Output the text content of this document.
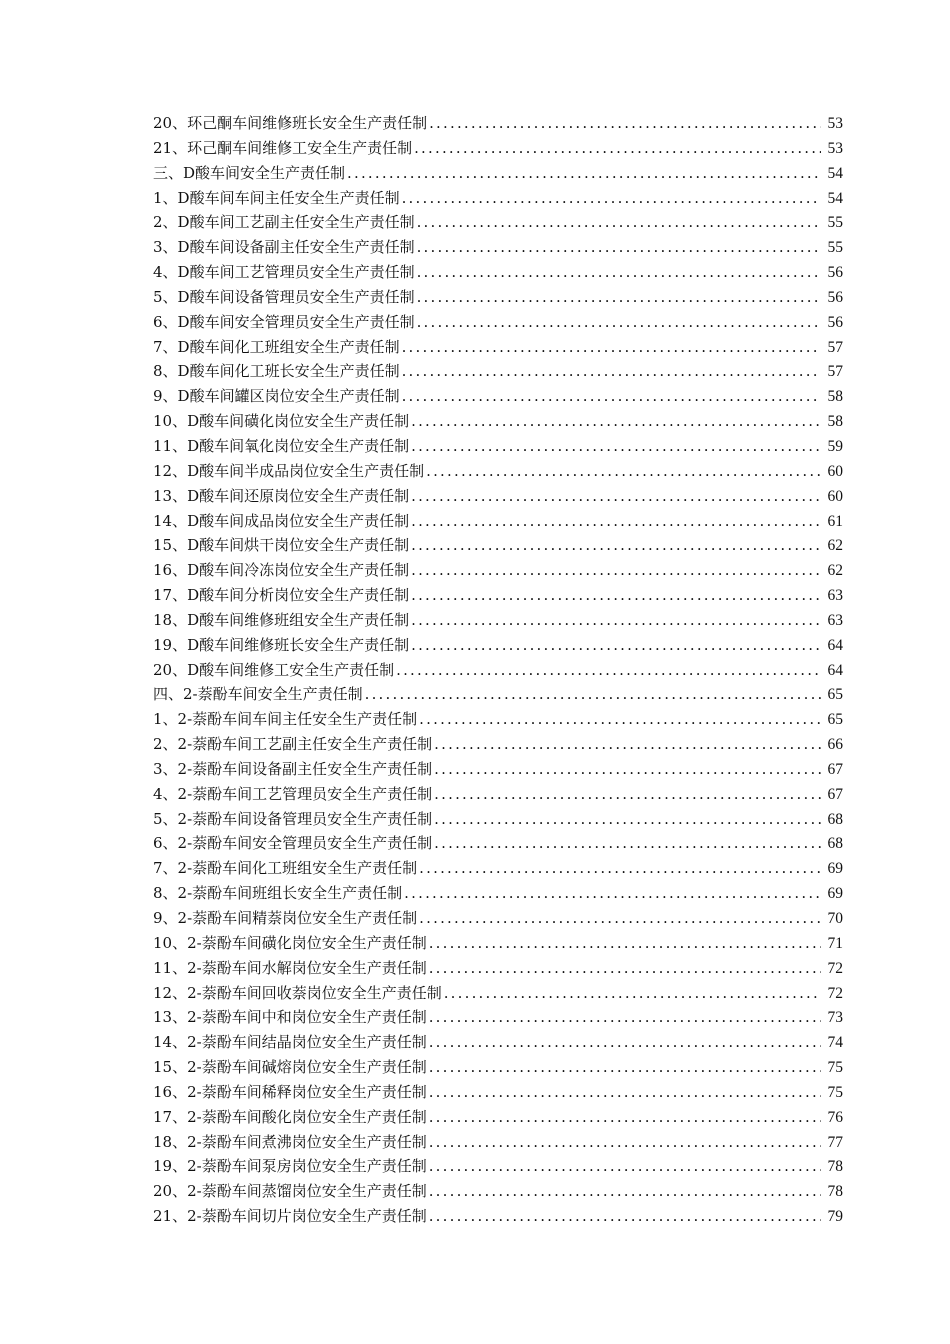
20、环己酮车间维修班长安全生产责任制 .....	53
21、环己酮车间维修工安全生产责任制 .....	53
三、D酸车间安全生产责任制 .....	54
1、D酸车间车间主任安全生产责任制 .....	54
2、D酸车间工艺副主任安全生产责任制 .....	55
3、D酸车间设备副主任安全生产责任制 .....	55
4、D酸车间工艺管理员安全生产责任制 .....	56
5、D酸车间设备管理员安全生产责任制 .....	56
6、D酸车间安全管理员安全生产责任制 .....	56
7、D酸车间化工班组安全生产责任制 .....	57
8、D酸车间化工班长安全生产责任制 .....	57
9、D酸车间罐区岗位安全生产责任制 .....	58
10、D酸车间磺化岗位安全生产责任制 .....	58
11、D酸车间氧化岗位安全生产责任制 .....	59
12、D酸车间半成品岗位安全生产责任制 .....	60
13、D酸车间还原岗位安全生产责任制 .....	60
14、D酸车间成品岗位安全生产责任制 .....	61
15、D酸车间烘干岗位安全生产责任制 .....	62
16、D酸车间冷冻岗位安全生产责任制 .....	62
17、D酸车间分析岗位安全生产责任制 .....	63
18、D酸车间维修班组安全生产责任制 .....	63
19、D酸车间维修班长安全生产责任制 .....	64
20、D酸车间维修工安全生产责任制 .....	64
四、2-萘酚车间安全生产责任制 .....	65
1、2-萘酚车间车间主任安全生产责任制 .....	65
2、2-萘酚车间工艺副主任安全生产责任制 .....	66
3、2-萘酚车间设备副主任安全生产责任制 .....	67
4、2-萘酚车间工艺管理员安全生产责任制 .....	67
5、2-萘酚车间设备管理员安全生产责任制 .....	68
6、2-萘酚车间安全管理员安全生产责任制 .....	68
7、2-萘酚车间化工班组安全生产责任制 .....	69
8、2-萘酚车间班组长安全生产责任制 .....	69
9、2-萘酚车间精萘岗位安全生产责任制 .....	70
10、2-萘酚车间磺化岗位安全生产责任制 .....	71
11、2-萘酚车间水解岗位安全生产责任制 .....	72
12、2-萘酚车间回收萘岗位安全生产责任制 .....	72
13、2-萘酚车间中和岗位安全生产责任制 .....	73
14、2-萘酚车间结晶岗位安全生产责任制 .....	74
15、2-萘酚车间碱熔岗位安全生产责任制 .....	75
16、2-萘酚车间稀释岗位安全生产责任制 .....	75
17、2-萘酚车间酸化岗位安全生产责任制 .....	76
18、2-萘酚车间煮沸岗位安全生产责任制 .....	77
19、2-萘酚车间泵房岗位安全生产责任制 .....	78
20、2-萘酚车间蒸馏岗位安全生产责任制 .....	78
21、2-萘酚车间切片岗位安全生产责任制 .....	79
